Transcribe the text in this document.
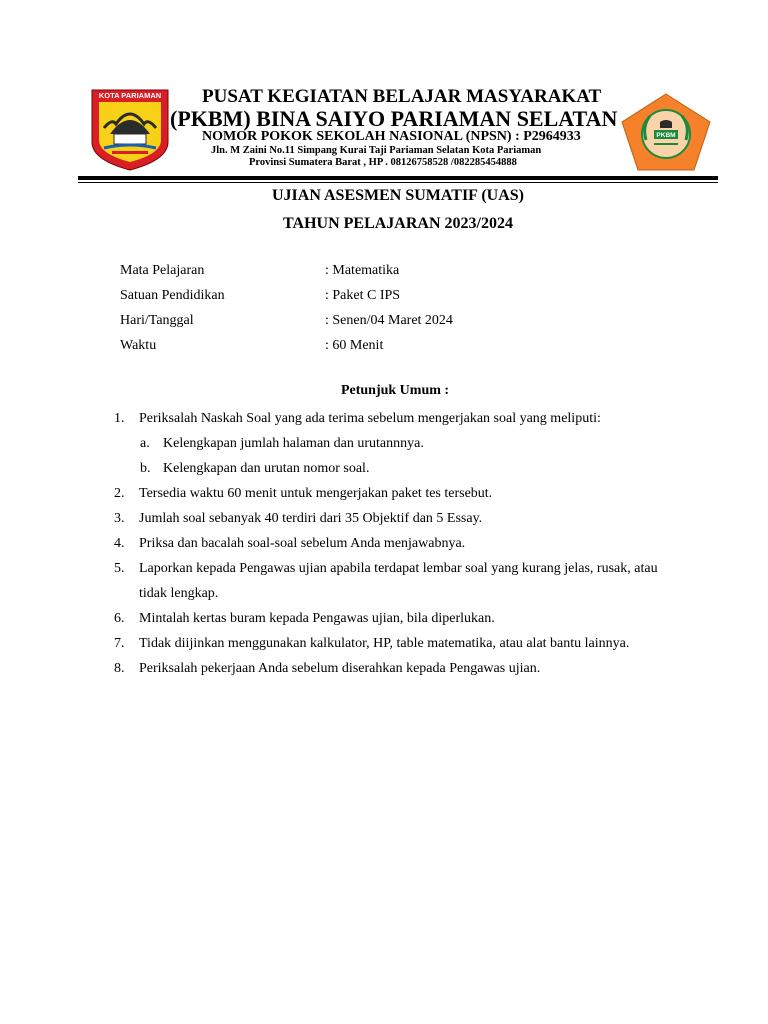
KOTA PARIAMAN PUSAT KEGIATAN BELAJAR MASYARAKAT
(PKBM) BINA SAIYO PARIAMAN SELATAN
NOMOR POKOK SEKOLAH NASIONAL (NPSN) : P2964933
Jln. M Zaini No.11 Simpang Kurai Taji Pariaman Selatan Kota Pariaman
Provinsi Sumatera Barat , HP . 08126758528 /082285454888
PKBM
UJIAN ASESMEN SUMATIF (UAS)
TAHUN PELAJARAN 2023/2024
Mata Pelajaran	: Matematika
Satuan Pendidikan	: Paket C IPS
Hari/Tanggal	: Senen/04 Maret 2024
Waktu	: 60 Menit
Petunjuk Umum :
1. Periksalah Naskah Soal yang ada terima sebelum mengerjakan soal yang meliputi:
a. Kelengkapan jumlah halaman dan urutannnya.
b. Kelengkapan dan urutan nomor soal.
2. Tersedia waktu 60 menit untuk mengerjakan paket tes tersebut.
3. Jumlah soal sebanyak 40 terdiri dari 35 Objektif dan 5 Essay.
4. Priksa dan bacalah soal-soal sebelum Anda menjawabnya.
5. Laporkan kepada Pengawas ujian apabila terdapat lembar soal yang kurang jelas, rusak, atau tidak lengkap.
6. Mintalah kertas buram kepada Pengawas ujian, bila diperlukan.
7. Tidak diijinkan menggunakan kalkulator, HP, table matematika, atau alat bantu lainnya.
8. Periksalah pekerjaan Anda sebelum diserahkan kepada Pengawas ujian.
